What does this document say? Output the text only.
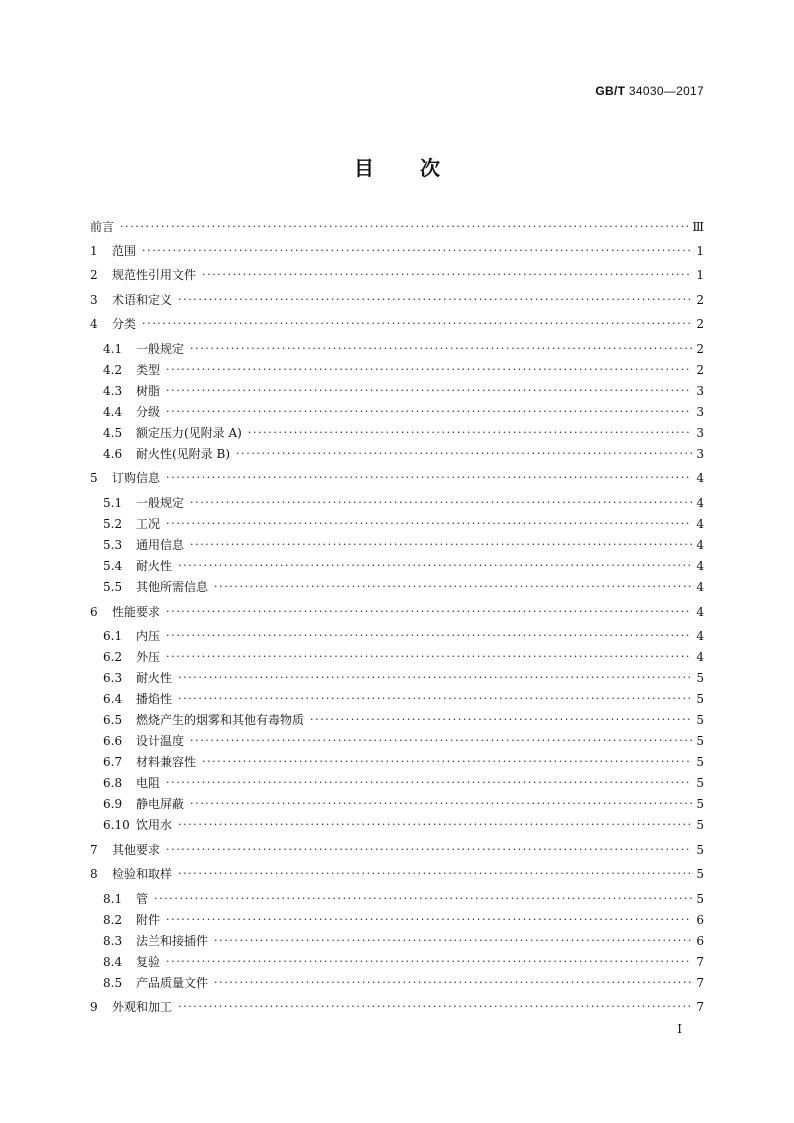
GB/T 34030—2017
目 次
前言 ·····	Ⅲ
1	范围 ·····	1
2	规范性引用文件 ·····	1
3	术语和定义 ·····	2
4	分类 ·····	2
4.1	一般规定 ·····	2
4.2	类型 ·····	2
4.3	树脂 ·····	3
4.4	分级 ·····	3
4.5	额定压力(见附录 A) ·····	3
4.6	耐火性(见附录 B) ·····	3
5	订购信息 ·····	4
5.1	一般规定 ·····	4
5.2	工况 ·····	4
5.3	通用信息 ·····	4
5.4	耐火性 ·····	4
5.5	其他所需信息 ·····	4
6	性能要求 ·····	4
6.1	内压 ·····	4
6.2	外压 ·····	4
6.3	耐火性 ·····	5
6.4	播焰性 ·····	5
6.5	燃烧产生的烟雾和其他有毒物质 ·····	5
6.6	设计温度 ·····	5
6.7	材料兼容性 ·····	5
6.8	电阻 ·····	5
6.9	静电屏蔽 ·····	5
6.10 饮用水 ·····	5
7	其他要求 ·····	5
8	检验和取样 ·····	5
8.1	管 ·····	5
8.2	附件 ·····	6
8.3	法兰和接插件 ·····	6
8.4	复验 ·····	7
8.5	产品质量文件 ·····	7
9	外观和加工 ·····	7
Ⅰ
